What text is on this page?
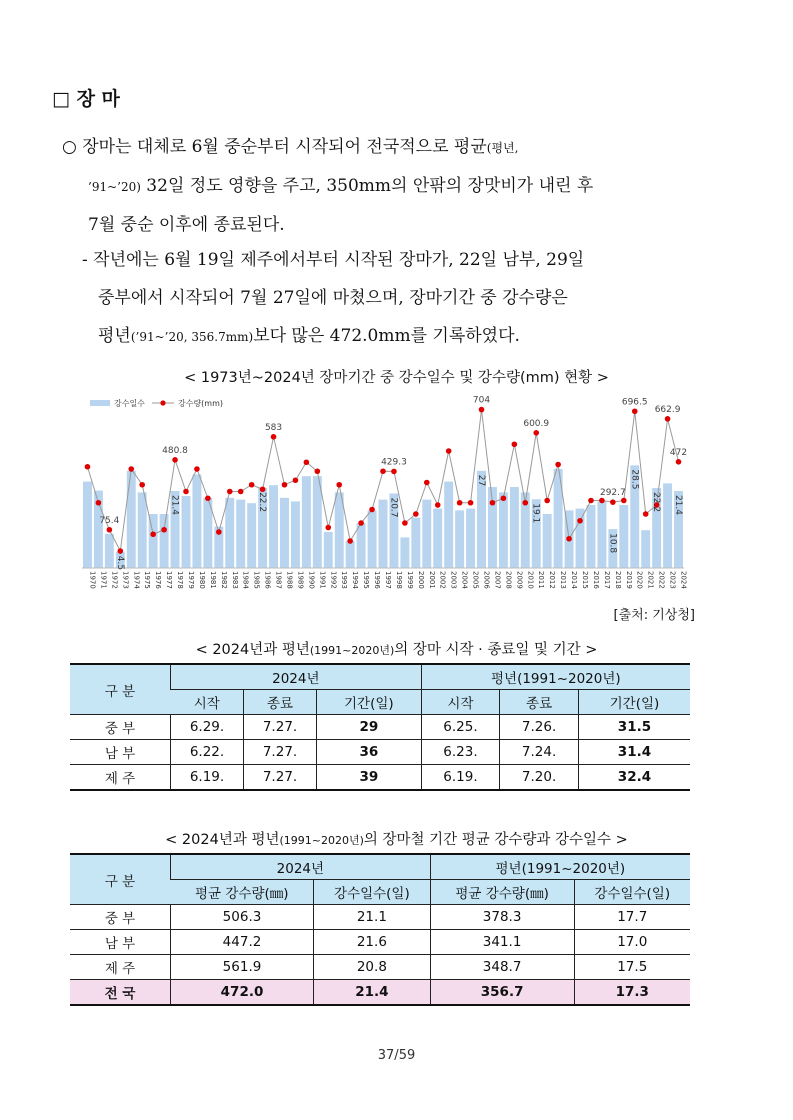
□ 장 마
○ 장마는 대체로 6월 중순부터 시작되어 전국적으로 평균(평년,
’91~’20) 32일 정도 영향을 주고, 350mm의 안팎의 장맛비가 내린 후
7월 중순 이후에 종료된다.
- 작년에는 6월 19일 제주에서부터 시작된 장마가, 22일 남부, 29일
중부에서 시작되어 7월 27일에 마쳤으며, 장마기간 중 강수량은
평년(’91~’20, 356.7mm)보다 많은 472.0mm를 기록하였다.
< 1973년~2024년 장마기간 중 강수일수 및 강수량(mm) 현황 >
4.5
21.4	22.2	20.7
27
19.1
10.8
28.5
22.2 21.4
75.4
480.8
583
429.3
704
600.9
292.7
696.5
662.9
472
1970 1971 1972 1973 1974 1975 1976 1977 1978 1979 1980 1981 1982 1983 1984 1985 1986 1987 1988 1989 1990 1991 1992 1993 1994 1995 1996 1997 1998 1999 2000 2001 2002 2003 2004 2005 2006 2007 2008 2009 2010 2011 2012 2013 2014 2015 2016 2017 2018 2019 2020 2021 2022 2023 2024
강수일수	강수량(mm)
[출처: 기상청]
< 2024년과 평년(1991~2020년)의 장마 시작 · 종료일 및 기간 >
구 분	2024년			평년(1991~2020년)		
	시작	종료	기간(일)	시작	종료	기간(일)
중 부	6.29.	7.27.	29	6.25.	7.26.	31.5
남 부	6.22.	7.27.	36	6.23.	7.24.	31.4
제 주	6.19.	7.27.	39	6.19.	7.20.	32.4
< 2024년과 평년(1991~2020년)의 장마철 기간 평균 강수량과 강수일수 >
구 분	2024년		평년(1991~2020년)	
	평균 강수량(㎜)	강수일수(일)	평균 강수량(㎜)	강수일수(일)
중 부	506.3	21.1	378.3	17.7
남 부	447.2	21.6	341.1	17.0
제 주	561.9	20.8	348.7	17.5
전 국	472.0	21.4	356.7	17.3
37/59
